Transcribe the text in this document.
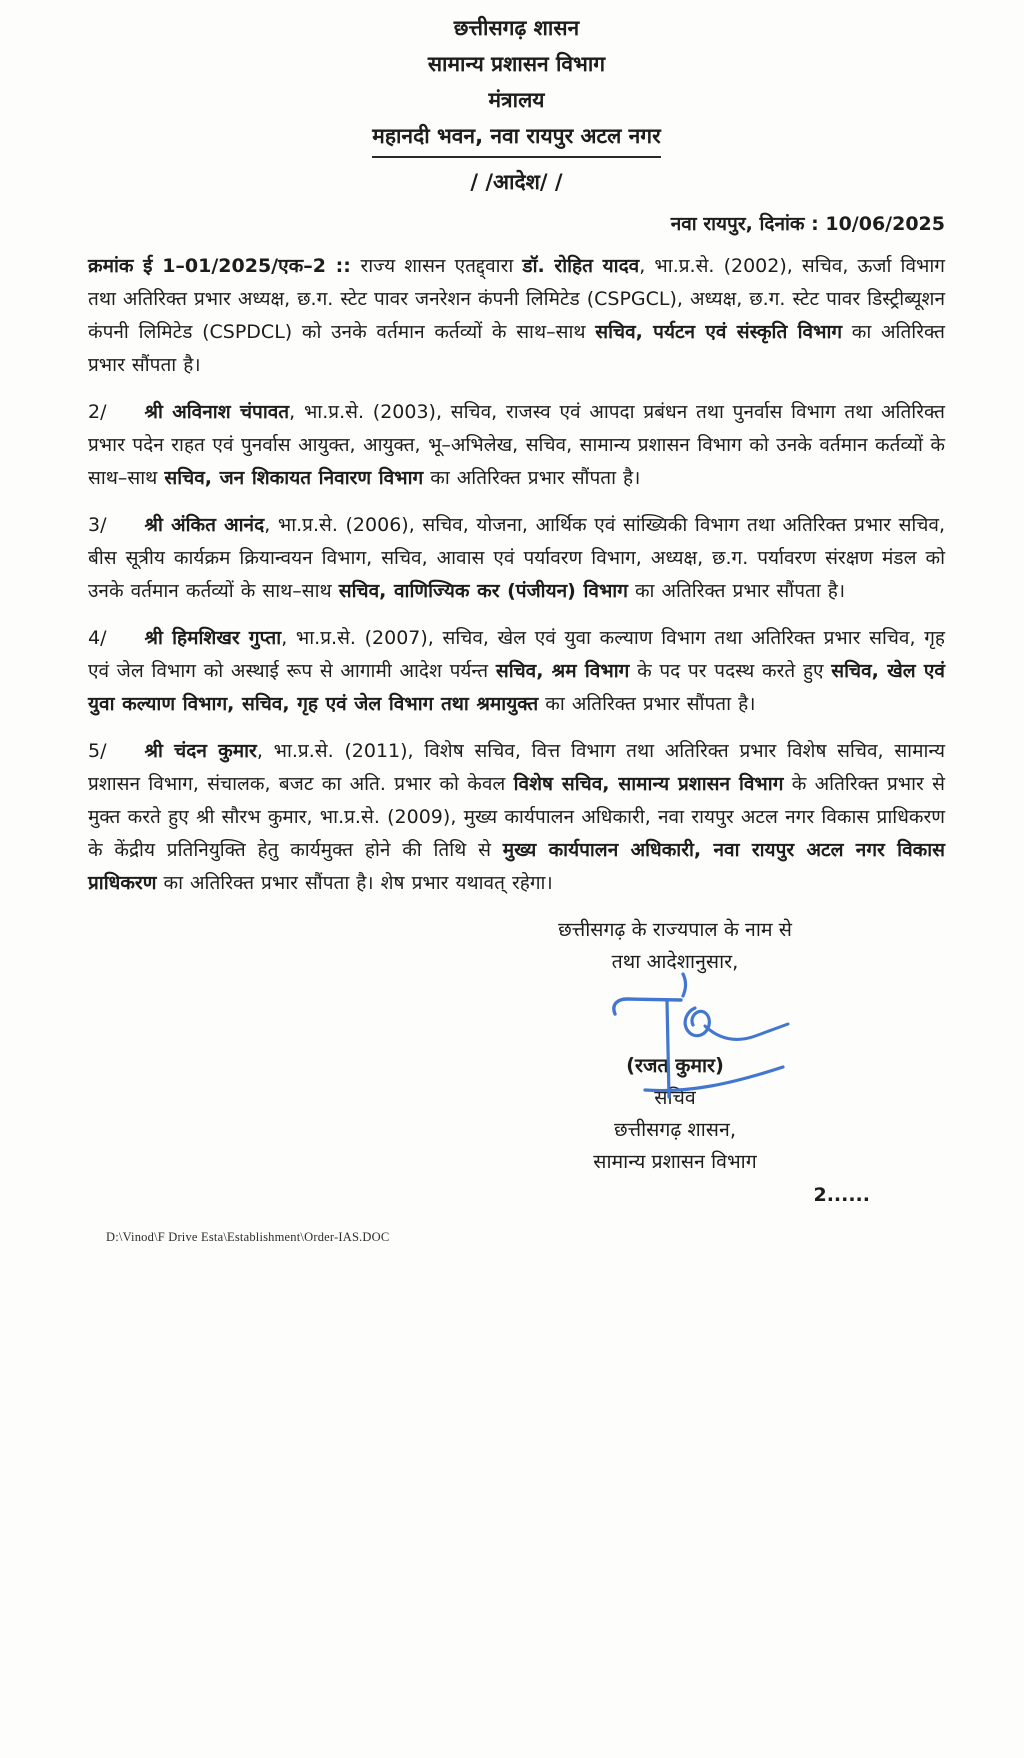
छत्तीसगढ़ शासन
सामान्य प्रशासन विभाग
मंत्रालय
महानदी भवन, नवा रायपुर अटल नगर
/ /आदेश/ /
नवा रायपुर, दिनांक : 10/06/2025
क्रमांक ई 1–01/2025/एक–2 :: राज्य शासन एतद्द्वारा डॉ. रोहित यादव, भा.प्र.से. (2002), सचिव, ऊर्जा विभाग तथा अतिरिक्त प्रभार अध्यक्ष, छ.ग. स्टेट पावर जनरेशन कंपनी लिमिटेड (CSPGCL), अध्यक्ष, छ.ग. स्टेट पावर डिस्ट्रीब्यूशन कंपनी लिमिटेड (CSPDCL) को उनके वर्तमान कर्तव्यों के साथ–साथ सचिव, पर्यटन एवं संस्कृति विभाग का अतिरिक्त प्रभार सौंपता है।
2/  श्री अविनाश चंपावत, भा.प्र.से. (2003), सचिव, राजस्व एवं आपदा प्रबंधन तथा पुनर्वास विभाग तथा अतिरिक्त प्रभार पदेन राहत एवं पुनर्वास आयुक्त, आयुक्त, भू–अभिलेख, सचिव, सामान्य प्रशासन विभाग को उनके वर्तमान कर्तव्यों के साथ–साथ सचिव, जन शिकायत निवारण विभाग का अतिरिक्त प्रभार सौंपता है।
3/  श्री अंकित आनंद, भा.प्र.से. (2006), सचिव, योजना, आर्थिक एवं सांख्यिकी विभाग तथा अतिरिक्त प्रभार सचिव, बीस सूत्रीय कार्यक्रम क्रियान्वयन विभाग, सचिव, आवास एवं पर्यावरण विभाग, अध्यक्ष, छ.ग. पर्यावरण संरक्षण मंडल को उनके वर्तमान कर्तव्यों के साथ–साथ सचिव, वाणिज्यिक कर (पंजीयन) विभाग का अतिरिक्त प्रभार सौंपता है।
4/  श्री हिमशिखर गुप्ता, भा.प्र.से. (2007), सचिव, खेल एवं युवा कल्याण विभाग तथा अतिरिक्त प्रभार सचिव, गृह एवं जेल विभाग को अस्थाई रूप से आगामी आदेश पर्यन्त सचिव, श्रम विभाग के पद पर पदस्थ करते हुए सचिव, खेल एवं युवा कल्याण विभाग, सचिव, गृह एवं जेल विभाग तथा श्रमायुक्त का अतिरिक्त प्रभार सौंपता है।
5/  श्री चंदन कुमार, भा.प्र.से. (2011), विशेष सचिव, वित्त विभाग तथा अतिरिक्त प्रभार विशेष सचिव, सामान्य प्रशासन विभाग, संचालक, बजट का अति. प्रभार को केवल विशेष सचिव, सामान्य प्रशासन विभाग के अतिरिक्त प्रभार से मुक्त करते हुए श्री सौरभ कुमार, भा.प्र.से. (2009), मुख्य कार्यपालन अधिकारी, नवा रायपुर अटल नगर विकास प्राधिकरण के केंद्रीय प्रतिनियुक्ति हेतु कार्यमुक्त होने की तिथि से मुख्य कार्यपालन अधिकारी, नवा रायपुर अटल नगर विकास प्राधिकरण का अतिरिक्त प्रभार सौंपता है। शेष प्रभार यथावत् रहेगा।
छत्तीसगढ़ के राज्यपाल के नाम से
तथा आदेशानुसार,
(रजत कुमार)
सचिव
छत्तीसगढ़ शासन,
सामान्य प्रशासन विभाग
2......
D:\Vinod\F Drive Esta\Establishment\Order-IAS.DOC
